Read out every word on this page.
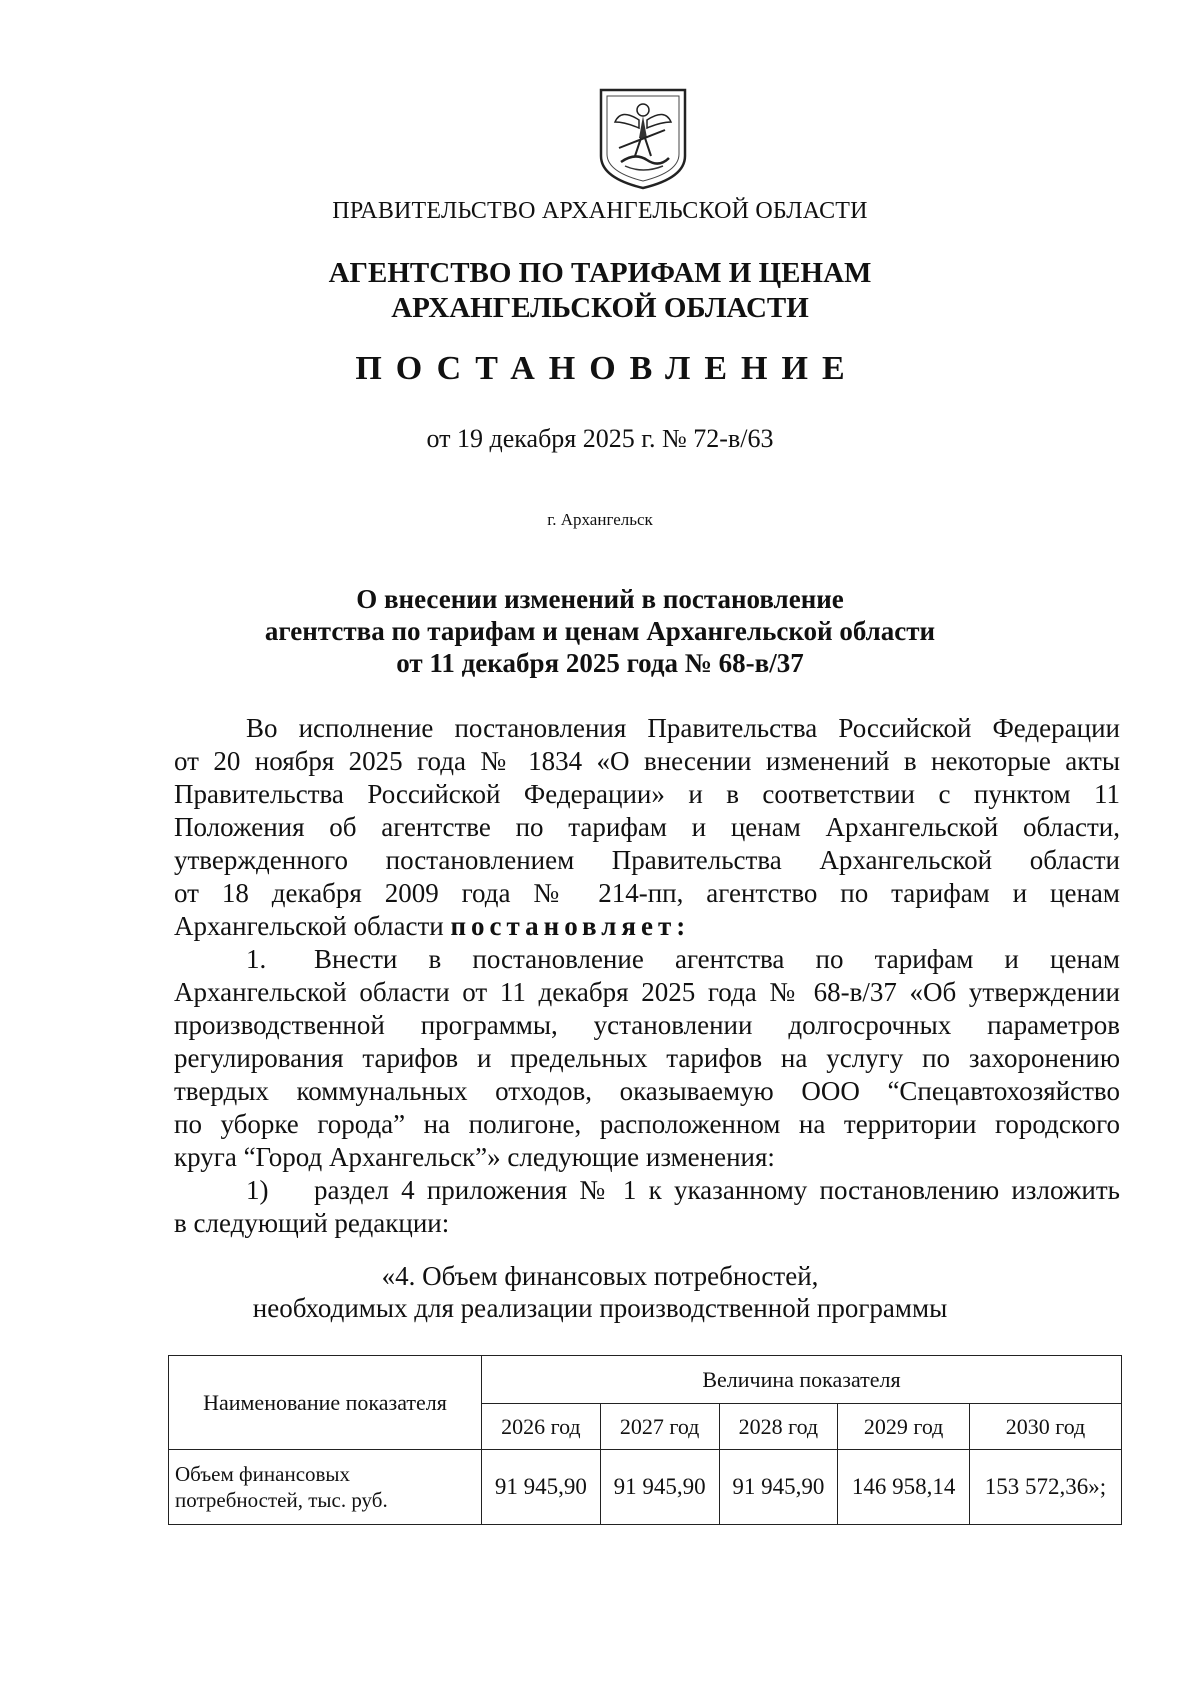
ПРАВИТЕЛЬСТВО АРХАНГЕЛЬСКОЙ ОБЛАСТИ
АГЕНТСТВО ПО ТАРИФАМ И ЦЕНАМ
АРХАНГЕЛЬСКОЙ ОБЛАСТИ
ПОСТАНОВЛЕНИЕ
от 19 декабря 2025 г. № 72-в/63
г. Архангельск
О внесении изменений в постановление
агентства по тарифам и ценам Архангельской области
от 11 декабря 2025 года № 68-в/37
Во исполнение постановления Правительства Российской Федерации
от 20 ноября 2025 года № 1834 «О внесении изменений в некоторые акты
Правительства Российской Федерации» и в соответствии с пунктом 11
Положения об агентстве по тарифам и ценам Архангельской области,
утвержденного постановлением Правительства Архангельской области
от 18 декабря 2009 года № 214-пп, агентство по тарифам и ценам
Архангельской области постановляет:
1. Внести в постановление агентства по тарифам и ценам
Архангельской области от 11 декабря 2025 года № 68-в/37 «Об утверждении
производственной программы, установлении долгосрочных параметров
регулирования тарифов и предельных тарифов на услугу по захоронению
твердых коммунальных отходов, оказываемую ООО “Спецавтохозяйство
по уборке города” на полигоне, расположенном на территории городского
круга “Город Архангельск”» следующие изменения:
1) раздел 4 приложения № 1 к указанному постановлению изложить
в следующий редакции:
«4. Объем финансовых потребностей,
необходимых для реализации производственной программы
Наименование показателя	Величина показателя				
	2026 год	2027 год	2028 год	2029 год	2030 год

Объем финансовых
потребностей, тыс. руб.	91 945,90	91 945,90	91 945,90	146 958,14	153 572,36»;
